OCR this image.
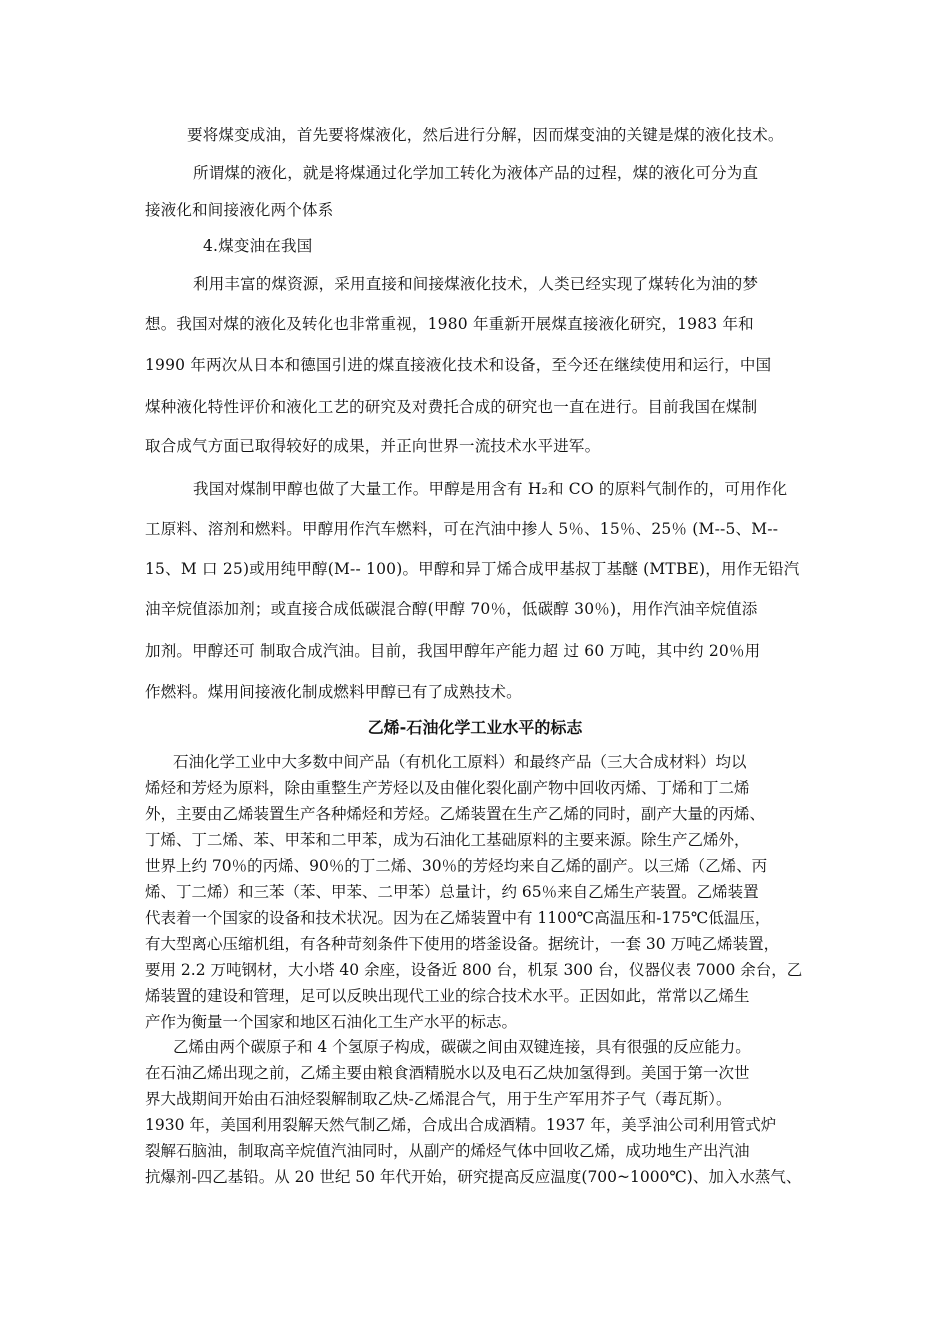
要将煤变成油，首先要将煤液化，然后进行分解，因而煤变油的关键是煤的液化技术。

所谓煤的液化，就是将煤通过化学加工转化为液体产品的过程，煤的液化可分为直

接液化和间接液化两个体系

4.煤变油在我国

利用丰富的煤资源，采用直接和间接煤液化技术，人类已经实现了煤转化为油的梦

想。我国对煤的液化及转化也非常重视，1980 年重新开展煤直接液化研究，1983 年和

1990 年两次从日本和德国引进的煤直接液化技术和设备，至今还在继续使用和运行，中国

煤种液化特性评价和液化工艺的研究及对费托合成的研究也一直在进行。目前我国在煤制

取合成气方面已取得较好的成果，并正向世界一流技术水平进军。

我国对煤制甲醇也做了大量工作。甲醇是用含有 H₂和 CO 的原料气制作的，可用作化

工原料、溶剂和燃料。甲醇用作汽车燃料，可在汽油中掺人 5％、15％、25％ (M--5、M--

15、M 口 25)或用纯甲醇(M-- 100)。甲醇和异丁烯合成甲基叔丁基醚 (MTBE)，用作无铅汽

油辛烷值添加剂；或直接合成低碳混合醇(甲醇 70％，低碳醇 30％)，用作汽油辛烷值添

加剂。甲醇还可 制取合成汽油。目前，我国甲醇年产能力超 过 60 万吨，其中约 20％用

作燃料。煤用间接液化制成燃料甲醇已有了成熟技术。

乙烯-石油化学工业水平的标志

石油化学工业中大多数中间产品（有机化工原料）和最终产品（三大合成材料）均以

烯烃和芳烃为原料，除由重整生产芳烃以及由催化裂化副产物中回收丙烯、丁烯和丁二烯

外，主要由乙烯装置生产各种烯烃和芳烃。乙烯装置在生产乙烯的同时，副产大量的丙烯、

丁烯、丁二烯、苯、甲苯和二甲苯，成为石油化工基础原料的主要来源。除生产乙烯外，

世界上约 70％的丙烯、90％的丁二烯、30％的芳烃均来自乙烯的副产。以三烯（乙烯、丙

烯、丁二烯）和三苯（苯、甲苯、二甲苯）总量计，约 65％来自乙烯生产装置。乙烯装置

代表着一个国家的设备和技术状况。因为在乙烯装置中有 1100℃高温压和-175℃低温压，

有大型离心压缩机组，有各种苛刻条件下使用的塔釜设备。据统计，一套 30 万吨乙烯装置，

要用 2.2 万吨钢材，大小塔 40 余座，设备近 800 台，机泵 300 台，仪器仪表 7000 余台，乙

烯装置的建设和管理，足可以反映出现代工业的综合技术水平。正因如此，常常以乙烯生

产作为衡量一个国家和地区石油化工生产水平的标志。

乙烯由两个碳原子和 4 个氢原子构成，碳碳之间由双键连接，具有很强的反应能力。

在石油乙烯出现之前，乙烯主要由粮食酒精脱水以及电石乙炔加氢得到。美国于第一次世

界大战期间开始由石油烃裂解制取乙炔-乙烯混合气，用于生产军用芥子气（毒瓦斯）。

1930 年，美国利用裂解天然气制乙烯，合成出合成酒精。1937 年，美孚油公司利用管式炉

裂解石脑油，制取高辛烷值汽油同时，从副产的烯烃气体中回收乙烯，成功地生产出汽油

抗爆剂-四乙基铅。从 20 世纪 50 年代开始，研究提高反应温度(700~1000℃)、加入水蒸气、
